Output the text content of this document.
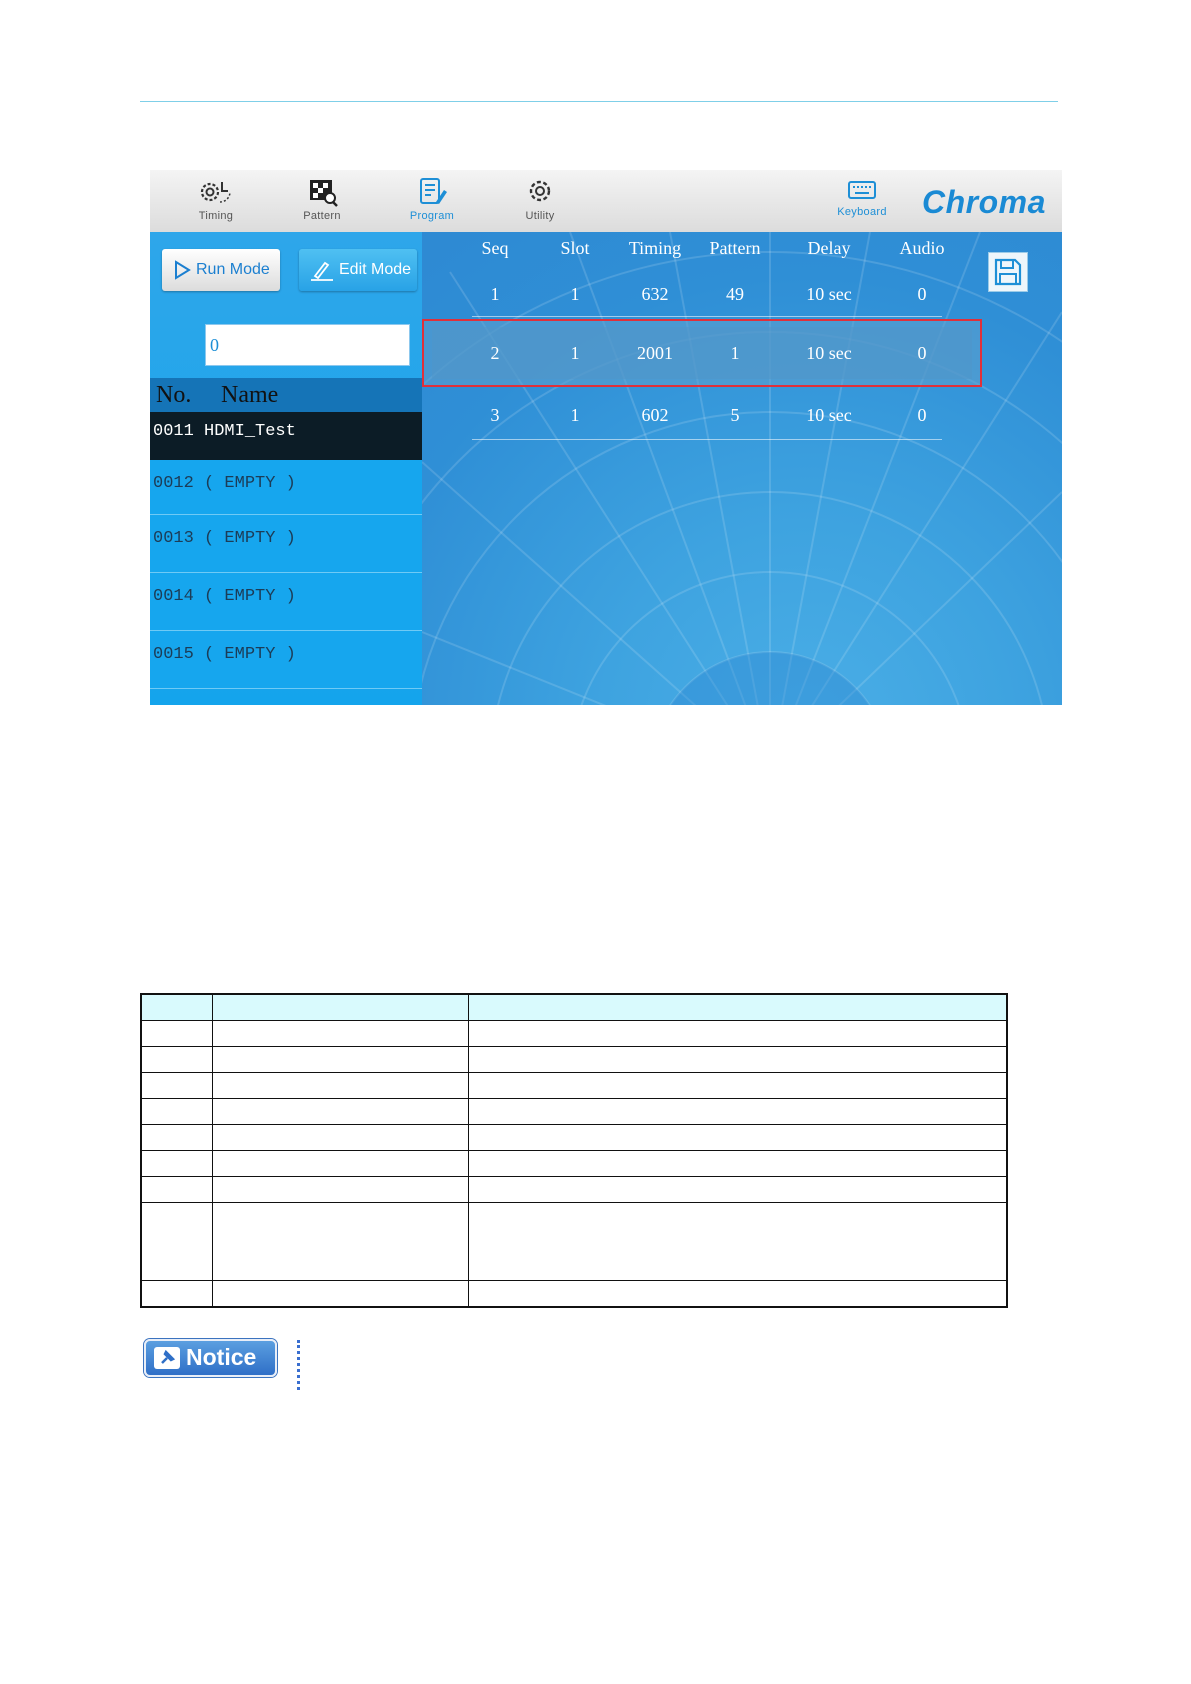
Timing	Pattern	Program	Utility	Keyboard	Chroma
Run Mode	Edit Mode
0
No. Name
0011 HDMI_Test
0012 ( EMPTY )
0013 ( EMPTY )
0014 ( EMPTY )
0015 ( EMPTY )
Seq	Slot Timing Pattern	Delay	Audio
1	1	632	49	10 sec	0
2	1	2001	1	10 sec	0
3	1	602	5	10 sec	0

Notice
